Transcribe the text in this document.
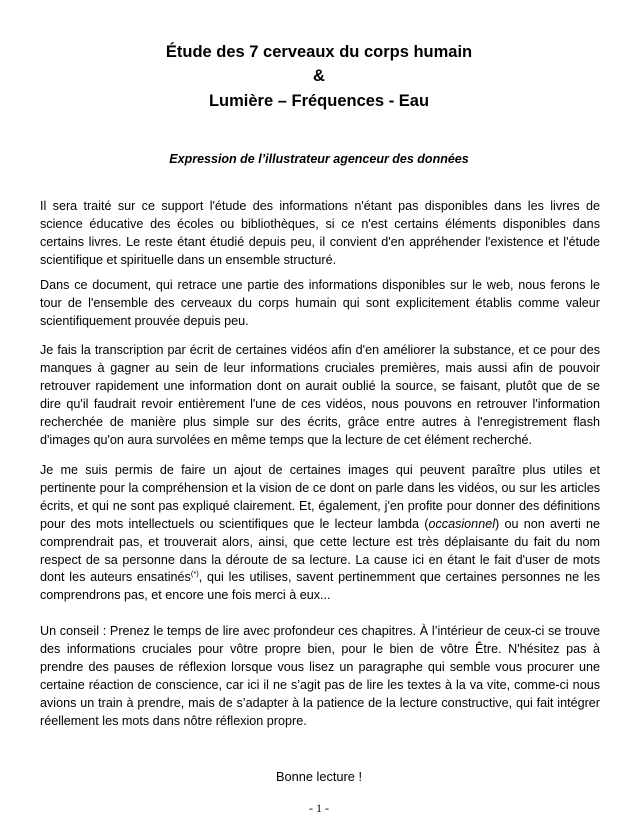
Étude des 7 cerveaux du corps humain
&
Lumière – Fréquences - Eau
Expression de l’illustrateur agenceur des données
Il sera traité sur ce support l'étude des informations n'étant pas disponibles dans les livres de science éducative des écoles ou bibliothèques, si ce n'est certains éléments disponibles dans certains livres. Le reste étant étudié depuis peu, il convient d'en appréhender l'existence et l'étude scientifique et spirituelle dans un ensemble structuré.
Dans ce document, qui retrace une partie des informations disponibles sur le web, nous ferons le tour de l'ensemble des cerveaux du corps humain qui sont explicitement établis comme valeur scientifiquement prouvée depuis peu.
Je fais la transcription par écrit de certaines vidéos afin d'en améliorer la substance, et ce pour des manques à gagner au sein de leur informations cruciales premières, mais aussi afin de pouvoir retrouver rapidement une information dont on aurait oublié la source, se faisant, plutôt que de se dire qu'il faudrait revoir entièrement l'une de ces vidéos, nous pouvons en retrouver l'information recherchée de manière plus simple sur des écrits, grâce entre autres à l'enregistrement flash d'images qu'on aura survolées en même temps que la lecture de cet élément recherché.
Je me suis permis de faire un ajout de certaines images qui peuvent paraître plus utiles et pertinente pour la compréhension et la vision de ce dont on parle dans les vidéos, ou sur les articles écrits, et qui ne sont pas expliqué clairement. Et, également, j'en profite pour donner des définitions pour des mots intellectuels ou scientifiques que le lecteur lambda (occasionnel) ou non averti ne comprendrait pas, et trouverait alors, ainsi, que cette lecture est très déplaisante du fait du nom respect de sa personne dans la déroute de sa lecture. La cause ici en étant le fait d'user de mots dont les auteurs ensatinés(*), qui les utilises, savent pertinemment que certaines personnes ne les comprendrons pas, et encore une fois merci à eux...
Un conseil : Prenez le temps de lire avec profondeur ces chapitres. À l’intérieur de ceux-ci se trouve des informations cruciales pour vôtre propre bien, pour le bien de vôtre Être. N'hésitez pas à prendre des pauses de réflexion lorsque vous lisez un paragraphe qui semble vous procurer une certaine réaction de conscience, car ici il ne s’agit pas de lire les textes à la va vite, comme-ci nous avions un train à prendre, mais de s’adapter à la patience de la lecture constructive, qui fait intégrer réellement les mots dans nôtre réflexion propre.
Bonne lecture !
- 1 -
